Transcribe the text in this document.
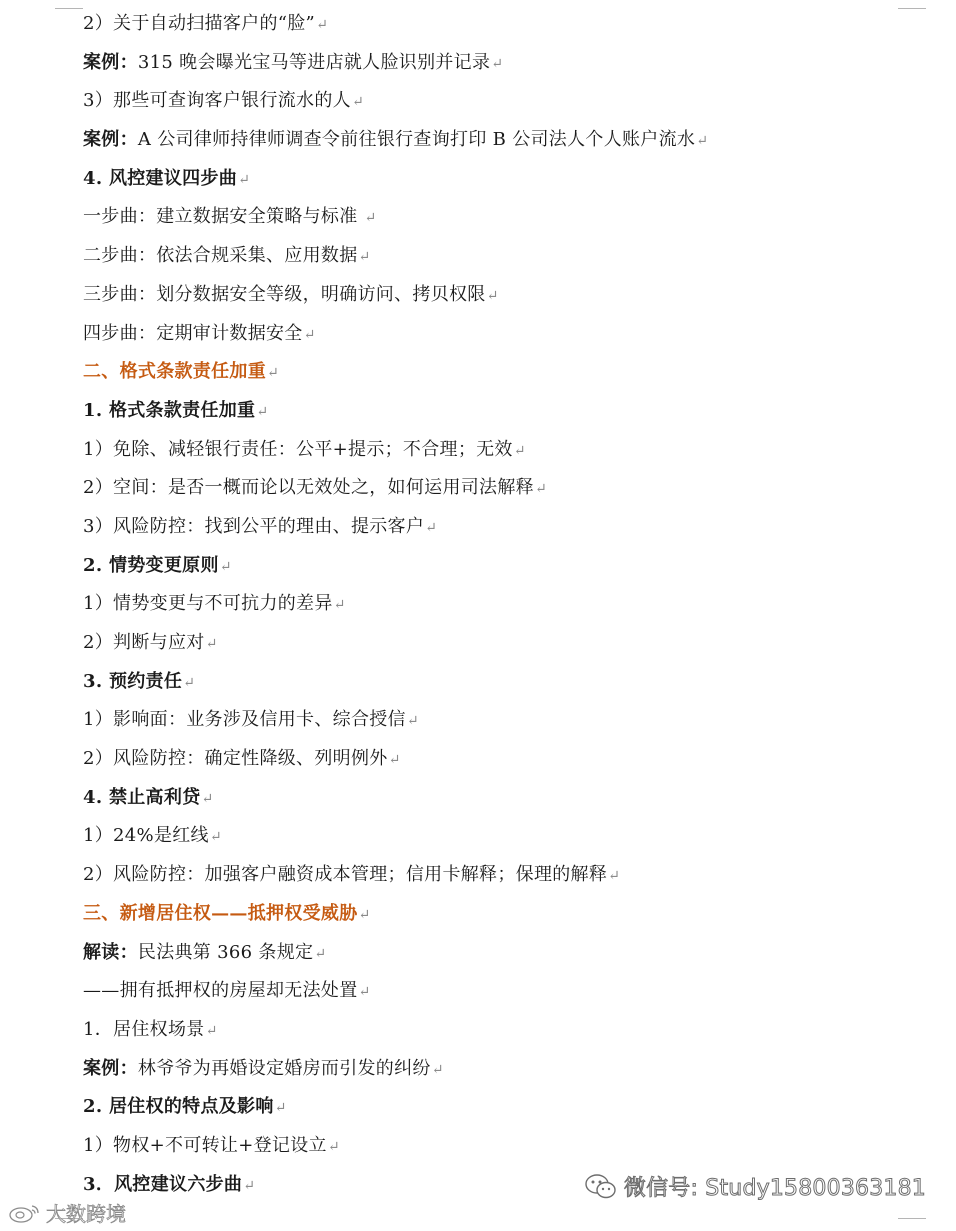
2）关于自动扫描客户的“脸”↵
案例：315 晚会曝光宝马等进店就人脸识别并记录↵
3）那些可查询客户银行流水的人↵
案例：A 公司律师持律师调查令前往银行查询打印 B 公司法人个人账户流水↵
4. 风控建议四步曲↵
一步曲：建立数据安全策略与标准 ↵
二步曲：依法合规采集、应用数据↵
三步曲：划分数据安全等级，明确访问、拷贝权限↵
四步曲：定期审计数据安全↵
二、格式条款责任加重↵
1. 格式条款责任加重↵
1）免除、减轻银行责任：公平+提示；不合理；无效↵
2）空间：是否一概而论以无效处之，如何运用司法解释↵
3）风险防控：找到公平的理由、提示客户↵
2. 情势变更原则↵
1）情势变更与不可抗力的差异↵
2）判断与应对↵
3. 预约责任↵
1）影响面：业务涉及信用卡、综合授信↵
2）风险防控：确定性降级、列明例外↵
4. 禁止高利贷↵
1）24%是红线↵
2）风险防控：加强客户融资成本管理；信用卡解释；保理的解释↵
三、新增居住权——抵押权受威胁↵
解读：民法典第 366 条规定↵
——拥有抵押权的房屋却无法处置↵
1．居住权场景↵
案例：林爷爷为再婚设定婚房而引发的纠纷↵
2. 居住权的特点及影响↵
1）物权+不可转让+登记设立↵
3．风控建议六步曲↵	微信号: Study15800363181
大数跨境
